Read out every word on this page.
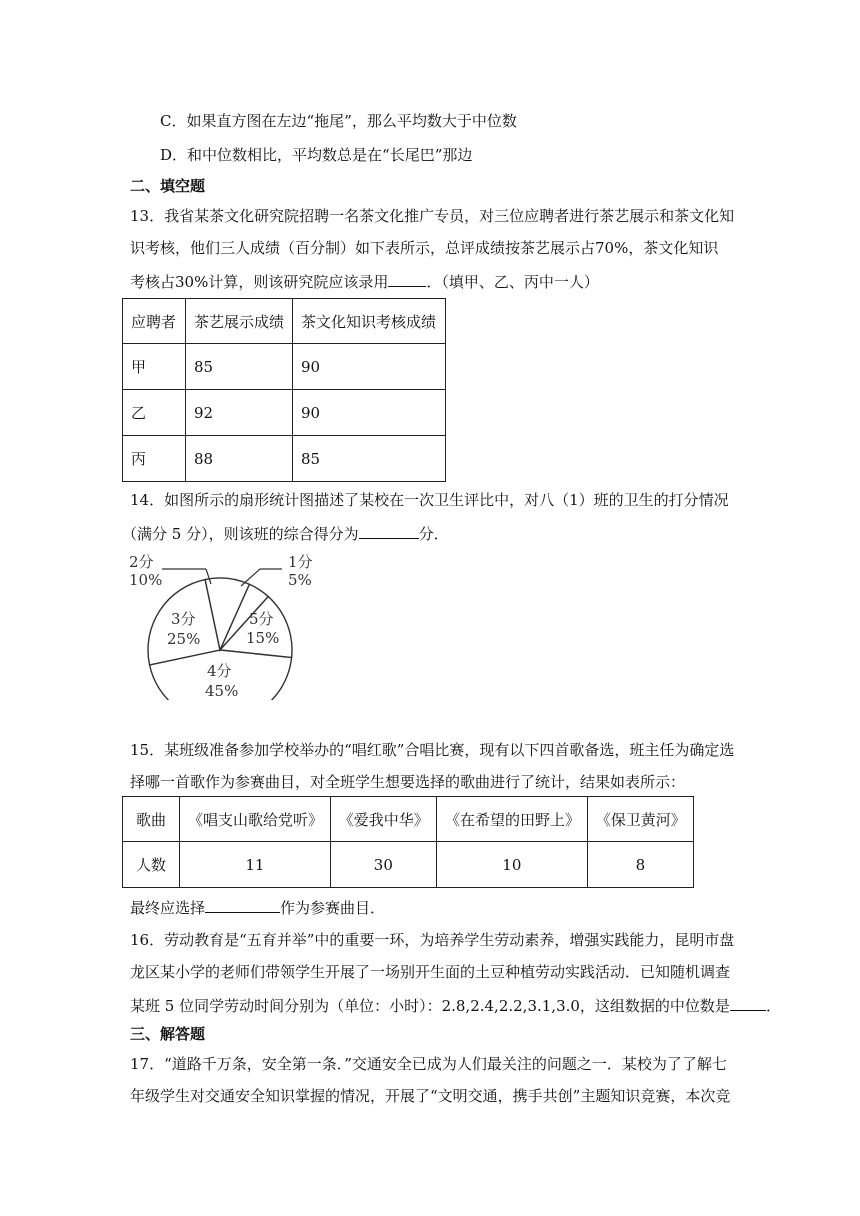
C．如果直方图在左边“拖尾”，那么平均数大于中位数
D．和中位数相比，平均数总是在“长尾巴”那边
二、填空题
13．我省某茶文化研究院招聘一名茶文化推广专员，对三位应聘者进行茶艺展示和茶文化知
识考核，他们三人成绩（百分制）如下表所示，总评成绩按茶艺展示占70%，茶文化知识
考核占30%计算，则该研究院应该录用	．（填甲、乙、丙中一人）
应聘者	茶艺展示成绩	茶文化知识考核成绩
甲	85	90
乙	92	90
丙	88	85
14．如图所示的扇形统计图描述了某校在一次卫生评比中，对八（1）班的卫生的打分情况
（满分 5 分），则该班的综合得分为	分．
2分
10%
1分
5%
5分
15%
3分
25%
4分
45%
15．某班级准备参加学校举办的“唱红歌”合唱比赛，现有以下四首歌备选，班主任为确定选
择哪一首歌作为参赛曲目，对全班学生想要选择的歌曲进行了统计，结果如表所示：
歌曲	《唱支山歌给党听》	《爱我中华》	《在希望的田野上》	《保卫黄河》
人数	11	30	10	8
最终应选择	作为参赛曲目．
16．劳动教育是“五育并举”中的重要一环，为培养学生劳动素养，增强实践能力，昆明市盘
龙区某小学的老师们带领学生开展了一场别开生面的土豆种植劳动实践活动．已知随机调查
某班 5 位同学劳动时间分别为（单位：小时）：2.8,2.4,2.2,3.1,3.0，这组数据的中位数是 ．
三、解答题
17．“道路千万条，安全第一条．”交通安全已成为人们最关注的问题之一．某校为了了解七
年级学生对交通安全知识掌握的情况，开展了“文明交通，携手共创”主题知识竞赛，本次竞
